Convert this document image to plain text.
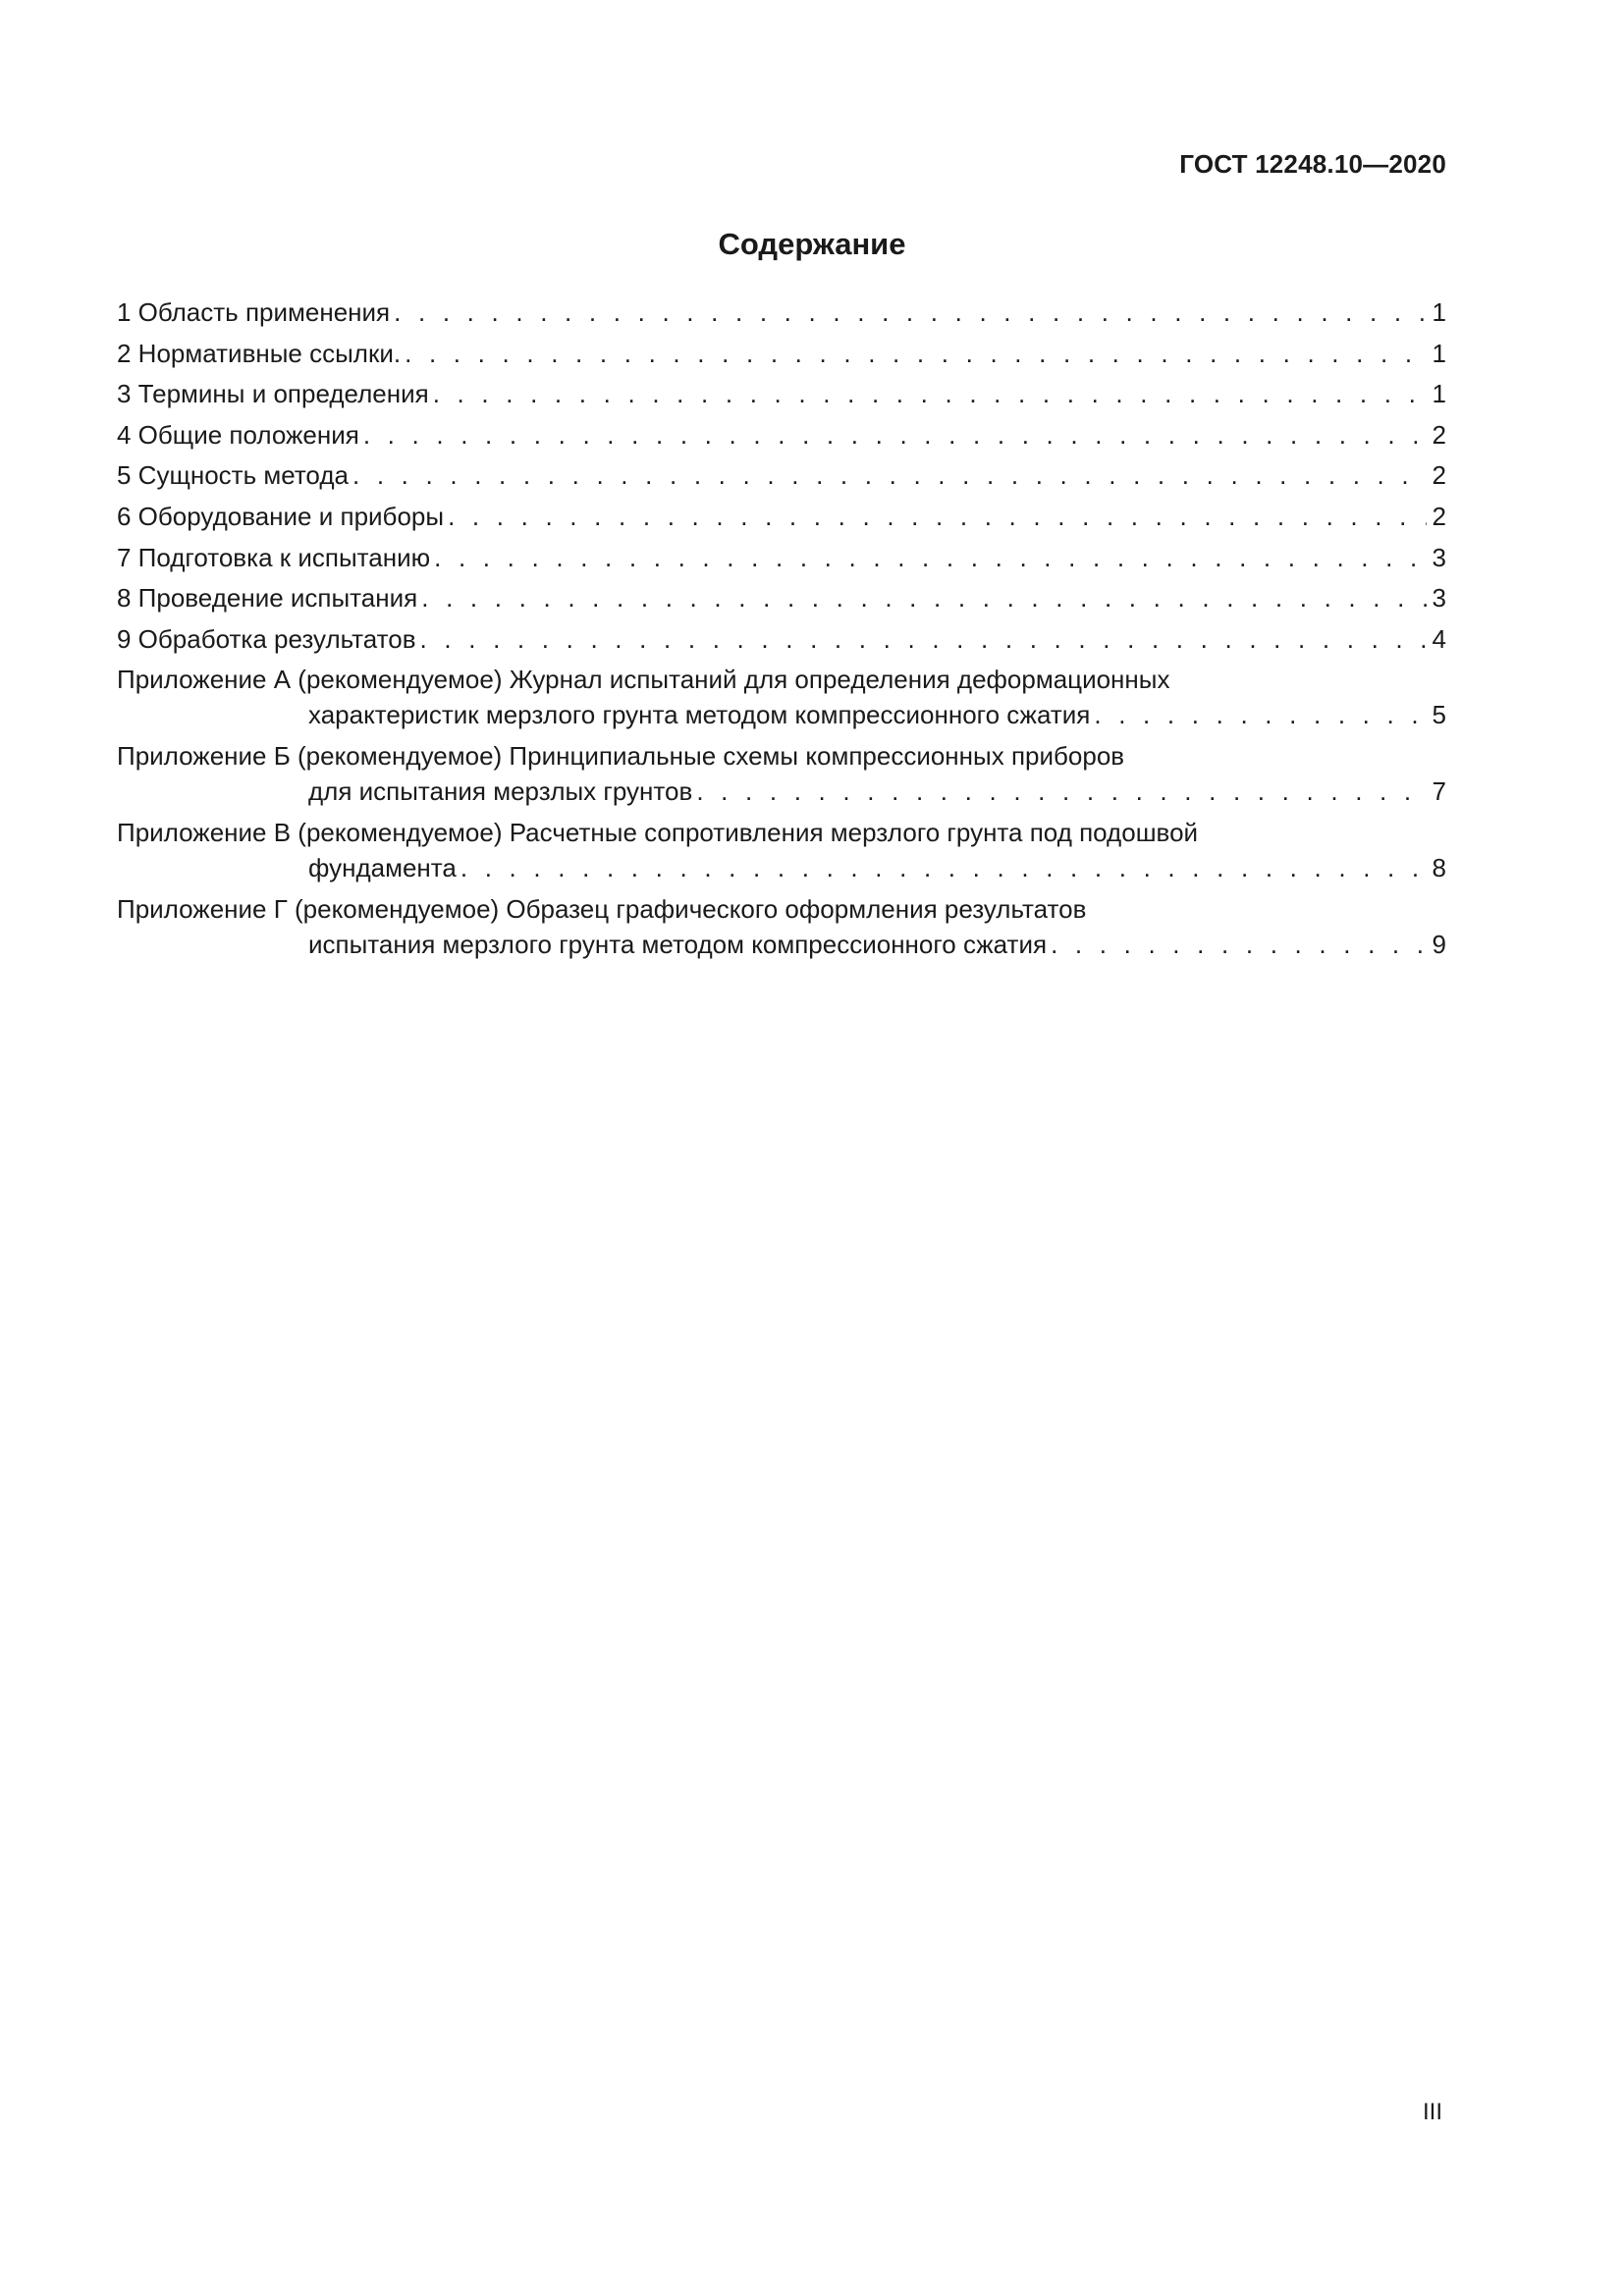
ГОСТ 12248.10—2020
Содержание
1 Область применения . . .	1
2 Нормативные ссылки. . . .	1
3 Термины и определения . . .	1
4 Общие положения . . .	2
5 Сущность метода . . .	2
6 Оборудование и приборы . . .	2
7 Подготовка к испытанию . . .	3
8 Проведение испытания . . .	3
9 Обработка результатов . . .	4
Приложение А (рекомендуемое) Журнал испытаний для определения деформационных
характеристик мерзлого грунта методом компрессионного сжатия . . .	5
Приложение Б (рекомендуемое) Принципиальные схемы компрессионных приборов
для испытания мерзлых грунтов . . .	7
Приложение В (рекомендуемое) Расчетные сопротивления мерзлого грунта под подошвой
фундамента . . .	8
Приложение Г (рекомендуемое) Образец графического оформления результатов
испытания мерзлого грунта методом компрессионного сжатия . . .	9
III
